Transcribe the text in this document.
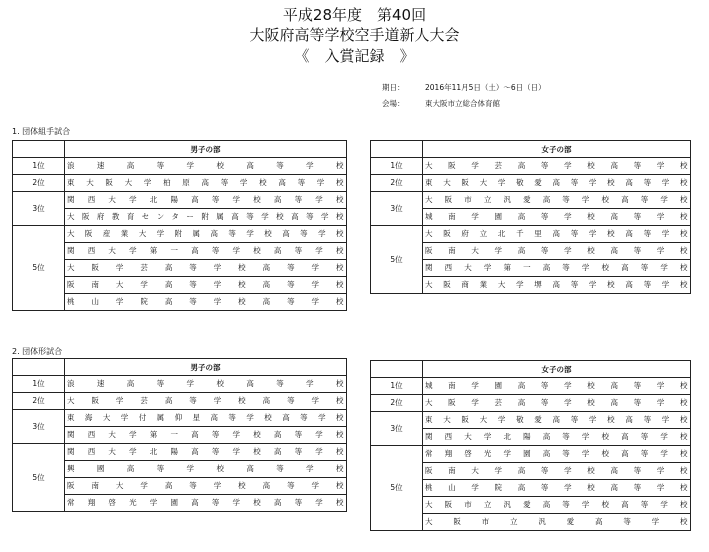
平成28年度　第40回
大阪府高等学校空手道新人大会
《　入賞記録　》
期日：	2016年11月5日（土）～6日（日）
会場：	東大阪市立総合体育館
1. 団体組手試合
	男子の部
1位	浪速高等学校高等学校
2位	東大阪大学柏原高等学校高等学校
3位	関西大学北陽高等学校高等学校
	大阪府教育センター附属高等学校高等学校
5位	大阪産業大学附属高等学校高等学校
	関西大学第一高等学校高等学校
	大阪学芸高等学校高等学校
	阪南大学高等学校高等学校
	桃山学院高等学校高等学校
	女子の部
1位	大阪学芸高等学校高等学校
2位	東大阪大学敬愛高等学校高等学校
3位	大阪市立汎愛高等学校高等学校
	城南学園高等学校高等学校
5位	大阪府立北千里高等学校高等学校
	阪南大学高等学校高等学校
	関西大学第一高等学校高等学校
	大阪商業大学堺高等学校高等学校
2. 団体形試合
	男子の部
1位	浪速高等学校高等学校
2位	大阪学芸高等学校高等学校
3位	東海大学付属仰星高等学校高等学校
	関西大学第一高等学校高等学校
5位	関西大学北陽高等学校高等学校
	興國高等学校高等学校
	阪南大学高等学校高等学校
	常翔啓光学園高等学校高等学校
	女子の部
1位	城南学園高等学校高等学校
2位	大阪学芸高等学校高等学校
3位	東大阪大学敬愛高等学校高等学校
	関西大学北陽高等学校高等学校
5位	常翔啓光学園高等学校高等学校
	阪南大学高等学校高等学校
	桃山学院高等学校高等学校
	大阪市立汎愛高等学校高等学校
	大阪市立汎愛高等学校
